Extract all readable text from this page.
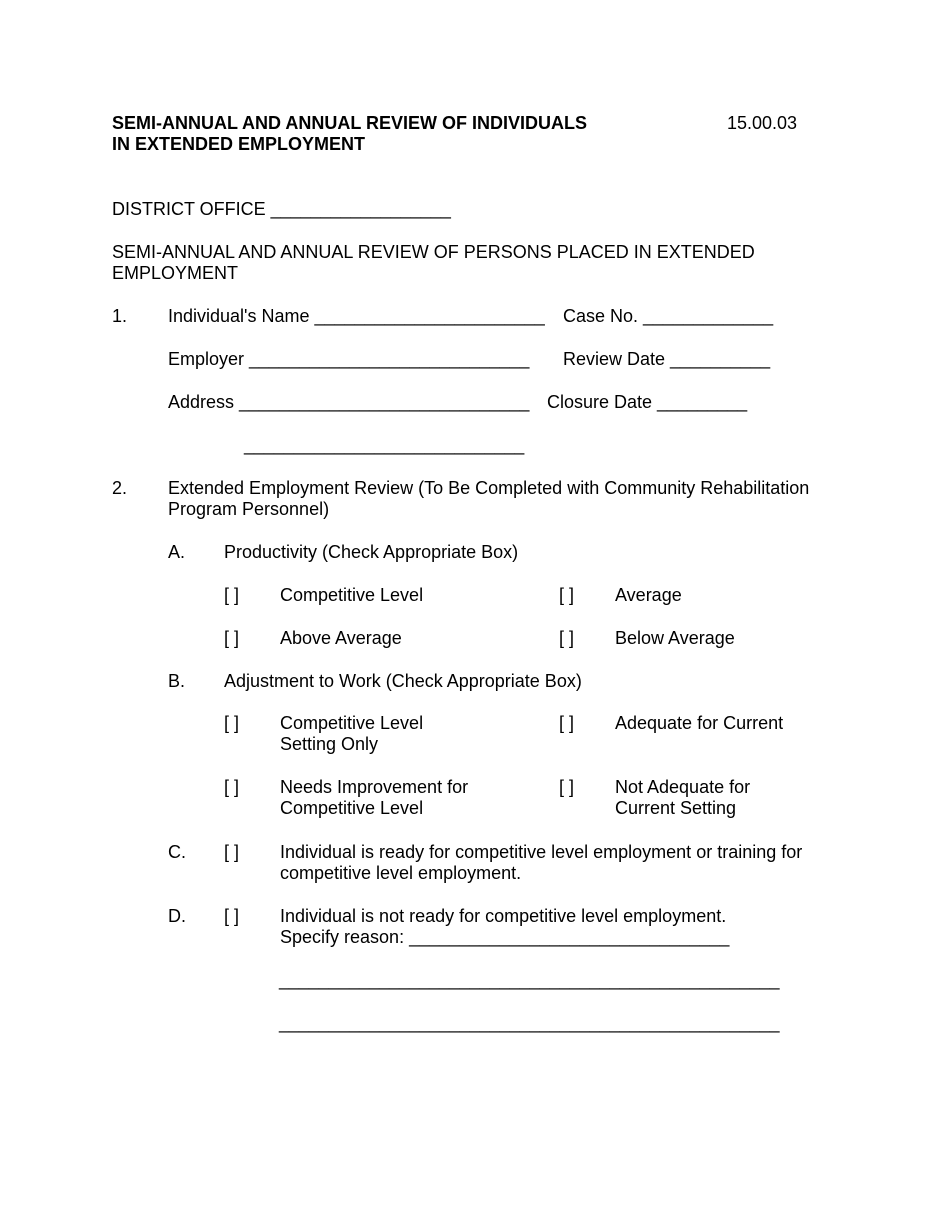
SEMI-ANNUAL AND ANNUAL REVIEW OF INDIVIDUALS
IN EXTENDED EMPLOYMENT
15.00.03
DISTRICT OFFICE __________________
SEMI-ANNUAL AND ANNUAL REVIEW OF PERSONS PLACED IN EXTENDED
EMPLOYMENT
1. Individual's Name _______________________ Case No. _____________
Employer ____________________________ Review Date __________
Address _____________________________ Closure Date _________
____________________________
2. Extended Employment Review (To Be Completed with Community Rehabilitation
Program Personnel)
A. Productivity (Check Appropriate Box)
[ ] Competitive Level	[ ] Average
[ ] Above Average	[ ] Below Average
B. Adjustment to Work (Check Appropriate Box)
[ ] Competitive Level
Setting Only
[ ] Adequate for Current
[ ] Needs Improvement for
Competitive Level
[ ] Not Adequate for
Current Setting
C. [ ] Individual is ready for competitive level employment or training for
competitive level employment.
D. [ ] Individual is not ready for competitive level employment.
Specify reason: ________________________________
__________________________________________________
__________________________________________________
